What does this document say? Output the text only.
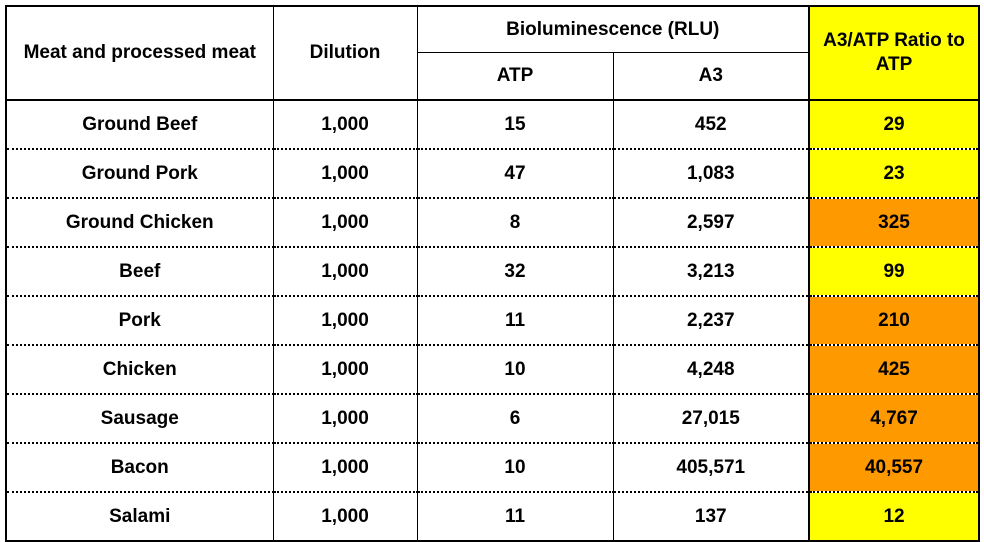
Meat and processed meat	Dilution	Bioluminescence (RLU)		A3/ATP Ratio to ATP
		ATP	A3	
Ground Beef	1,000	15	452	29
Ground Pork	1,000	47	1,083	23
Ground Chicken	1,000	8	2,597	325
Beef	1,000	32	3,213	99
Pork	1,000	11	2,237	210
Chicken	1,000	10	4,248	425
Sausage	1,000	6	27,015	4,767
Bacon	1,000	10	405,571	40,557
Salami	1,000	11	137	12
